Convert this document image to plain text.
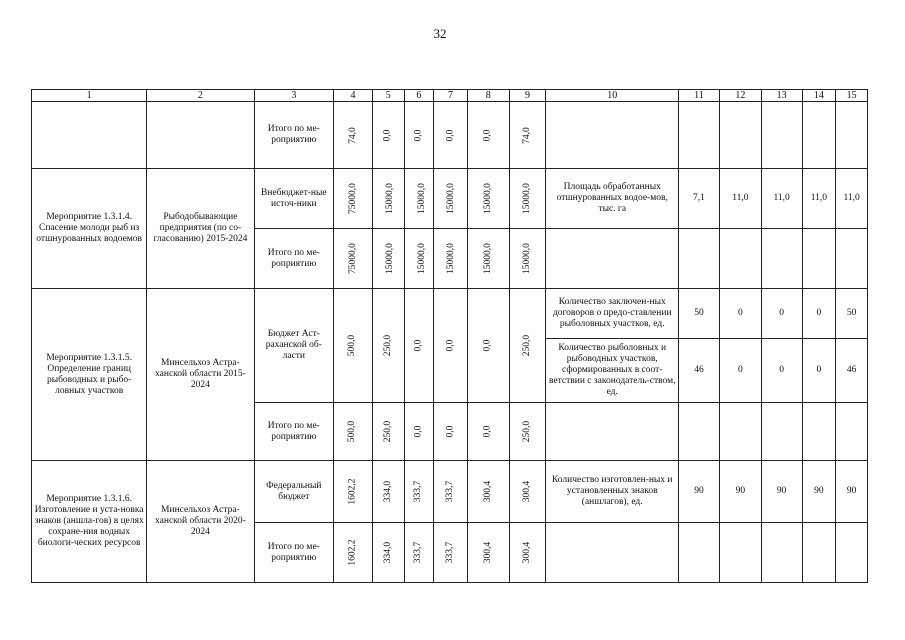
32
1	2	3	4	5	6	7	8	9	10	11	12	13	14	15

		Итого по ме-роприятию	74,0	0,0	0,0	0,0	0,0	74,0						

Мероприятие 1.3.1.4. Спасение молоди рыб из отшнурованных водоемов	Рыбодобывающие предприятия (по со-гласованию) 2015-2024	Внебюджет-ные источ-ники	75000,0	15000,0	15000,0	15000,0	15000,0	15000,0	Площадь обработанных отшнурованных водое-мов, тыс. га	7,1	11,0	11,0	11,0	11,0

		Итого по ме-роприятию	75000,0	15000,0	15000,0	15000,0	15000,0	15000,0						

Мероприятие 1.3.1.5. Определение границ рыбоводных и рыбо-ловных участков	Минсельхоз Астра-ханской области 2015-2024	Бюджет Аст-раханской об-ласти	500,0	250,0	0,0	0,0	0,0	250,0	Количество заключен-ных договоров о предо-ставлении рыболовных участков, ед.	50	0	0	0	50

									Количество рыболовных и рыбоводных участков, сформированных в соот-ветствии с законодатель-ством, ед.	46	0	0	0	46

		Итого по ме-роприятию	500,0	250,0	0,0	0,0	0,0	250,0						

Мероприятие 1.3.1.6. Изготовление и уста-новка знаков (аншла-гов) в целях сохране-ния водных биологи-ческих ресурсов	Минсельхоз Астра-ханской области 2020-2024	Федеральный бюджет	1602,2	334,0	333,7	333,7	300,4	300,4	Количество изготовлен-ных и установленных знаков (аншлагов), ед.	90	90	90	90	90

		Итого по ме-роприятию	1602,2	334,0	333,7	333,7	300,4	300,4						
